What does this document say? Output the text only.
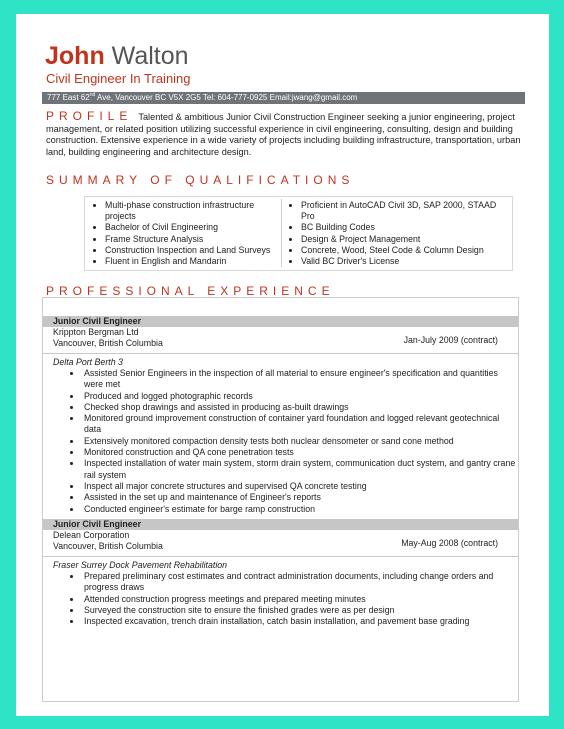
John Walton
Civil Engineer In Training
777 East 62nd Ave, Vancouver BC V5X 2G5 Tel: 604-777-0925 Email:jwang@gmail.com
PROFILE Talented & ambitious Junior Civil Construction Engineer seeking a junior engineering, project management, or related position utilizing successful experience in civil engineering, consulting, design and building construction. Extensive experience in a wide variety of projects including building infrastructure, transportation, urban land, building engineering and architecture design.
SUMMARY OF QUALIFICATIONS
• Multi-phase construction infrastructure projects
• Bachelor of Civil Engineering
• Frame Structure Analysis
• Construction Inspection and Land Surveys
• Fluent in English and Mandarin
• Proficient in AutoCAD Civil 3D, SAP 2000, STAAD Pro
• BC Building Codes
• Design & Project Management
• Concrete, Wood, Steel Code & Column Design
• Valid BC Driver's License
PROFESSIONAL EXPERIENCE
Junior Civil Engineer
Krippton Bergman Ltd
Vancouver, British Columbia	Jan-July 2009 (contract)
Delta Port Berth 3
• Assisted Senior Engineers in the inspection of all material to ensure engineer's specification and quantities were met
• Produced and logged photographic records
• Checked shop drawings and assisted in producing as-built drawings
• Monitored ground improvement construction of container yard foundation and logged relevant geotechnical data
• Extensively monitored compaction density tests both nuclear densometer or sand cone method
• Monitored construction and QA cone penetration tests
• Inspected installation of water main system, storm drain system, communication duct system, and gantry crane rail system
• Inspect all major concrete structures and supervised QA concrete testing
• Assisted in the set up and maintenance of Engineer's reports
• Conducted engineer's estimate for barge ramp construction
Junior Civil Engineer
Delean Corporation
Vancouver, British Columbia	May-Aug 2008 (contract)
Fraser Surrey Dock Pavement Rehabilitation
• Prepared preliminary cost estimates and contract administration documents, including change orders and progress draws
• Attended construction progress meetings and prepared meeting minutes
• Surveyed the construction site to ensure the finished grades were as per design
• Inspected excavation, trench drain installation, catch basin installation, and pavement base grading
